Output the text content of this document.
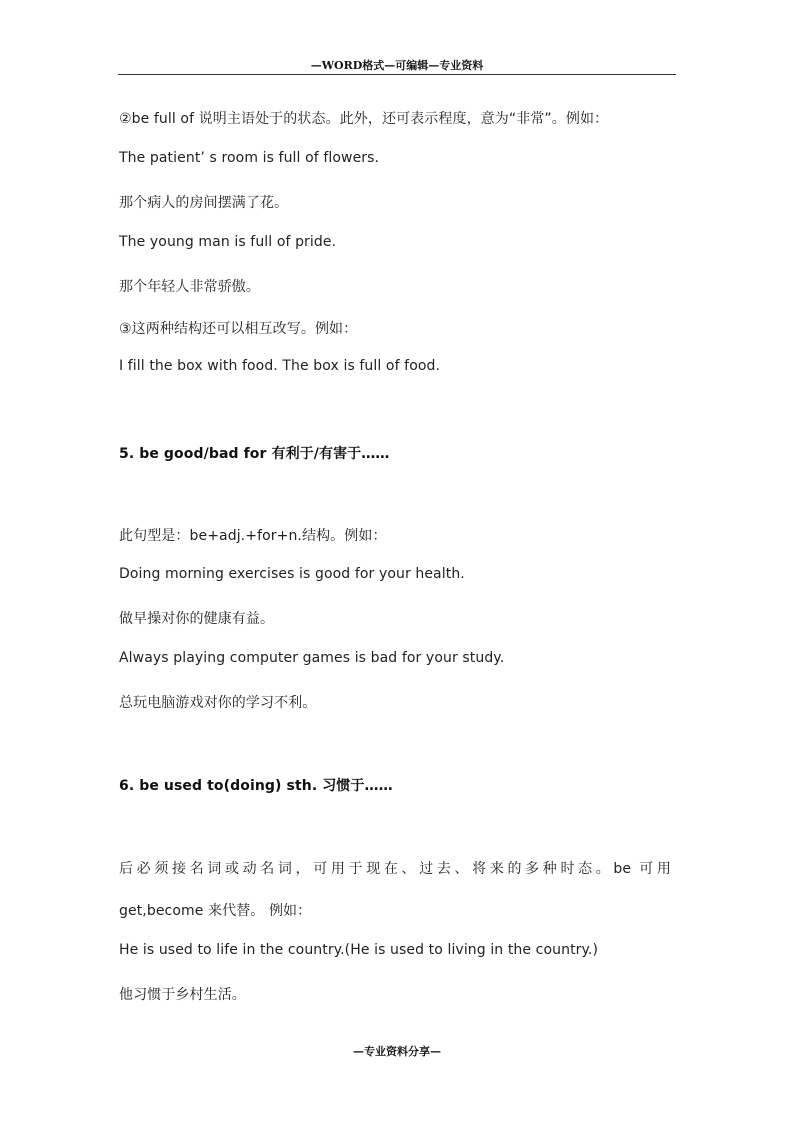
—WORD格式—可编辑—专业资料
②be full of 说明主语处于的状态。此外，还可表示程度，意为“非常”。例如：
The patient’ s room is full of flowers.
那个病人的房间摆满了花。
The young man is full of pride.
那个年轻人非常骄傲。
③这两种结构还可以相互改写。例如：
I fill the box with food. The box is full of food.
5. be good/bad for 有利于/有害于……
此句型是：be+adj.+for+n.结构。例如：
Doing morning exercises is good for your health.
做早操对你的健康有益。
Always playing computer games is bad for your study.
总玩电脑游戏对你的学习不利。
6. be used to(doing) sth. 习惯于……
后必须接名词或动名词，可用于现在、过去、将来的多种时态。be 可用
get,become 来代替。 例如：
He is used to life in the country.(He is used to living in the country.)
他习惯于乡村生活。
—专业资料分享—
